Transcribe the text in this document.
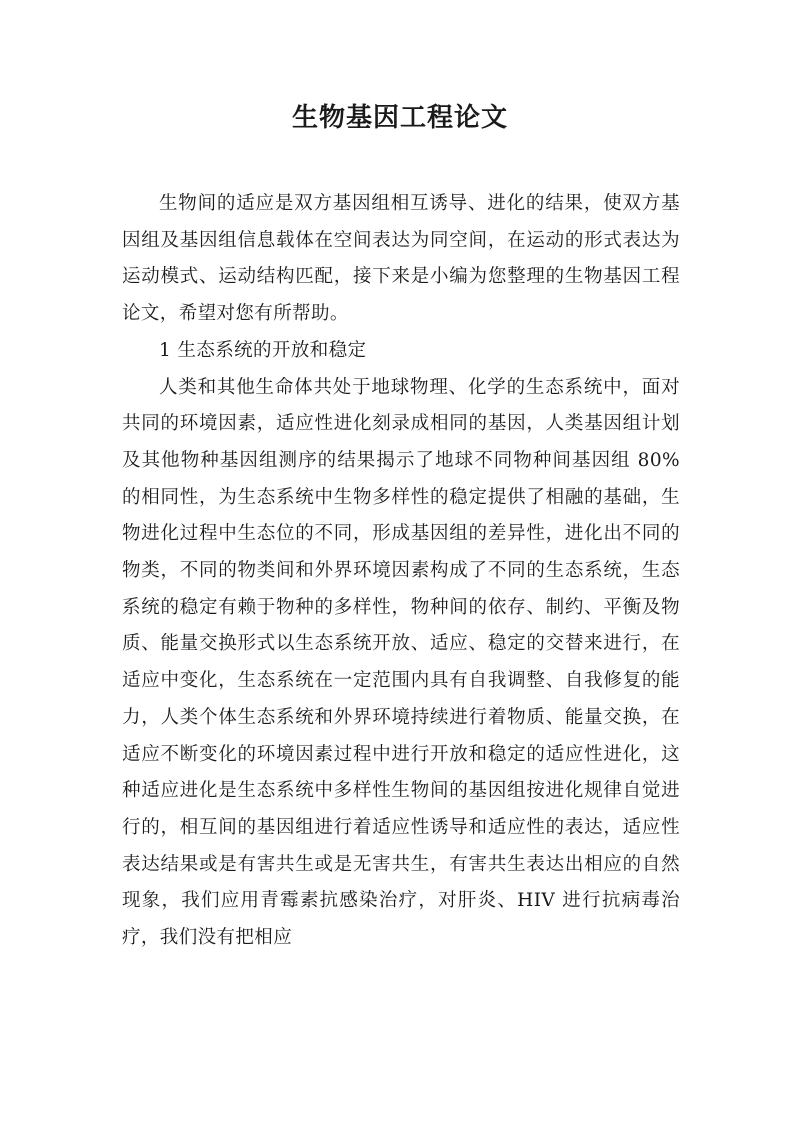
生物基因工程论文

生物间的适应是双方基因组相互诱导、进化的结果，使双方基因组及基因组信息载体在空间表达为同空间，在运动的形式表达为运动模式、运动结构匹配，接下来是小编为您整理的生物基因工程论文，希望对您有所帮助。

1 生态系统的开放和稳定

人类和其他生命体共处于地球物理、化学的生态系统中，面对共同的环境因素，适应性进化刻录成相同的基因，人类基因组计划及其他物种基因组测序的结果揭示了地球不同物种间基因组 80%的相同性，为生态系统中生物多样性的稳定提供了相融的基础，生物进化过程中生态位的不同，形成基因组的差异性，进化出不同的物类，不同的物类间和外界环境因素构成了不同的生态系统，生态系统的稳定有赖于物种的多样性，物种间的依存、制约、平衡及物质、能量交换形式以生态系统开放、适应、稳定的交替来进行，在适应中变化，生态系统在一定范围内具有自我调整、自我修复的能力，人类个体生态系统和外界环境持续进行着物质、能量交换，在适应不断变化的环境因素过程中进行开放和稳定的适应性进化，这种适应进化是生态系统中多样性生物间的基因组按进化规律自觉进行的，相互间的基因组进行着适应性诱导和适应性的表达，适应性表达结果或是有害共生或是无害共生，有害共生表达出相应的自然现象，我们应用青霉素抗感染治疗，对肝炎、HIV 进行抗病毒治疗，我们没有把相应
